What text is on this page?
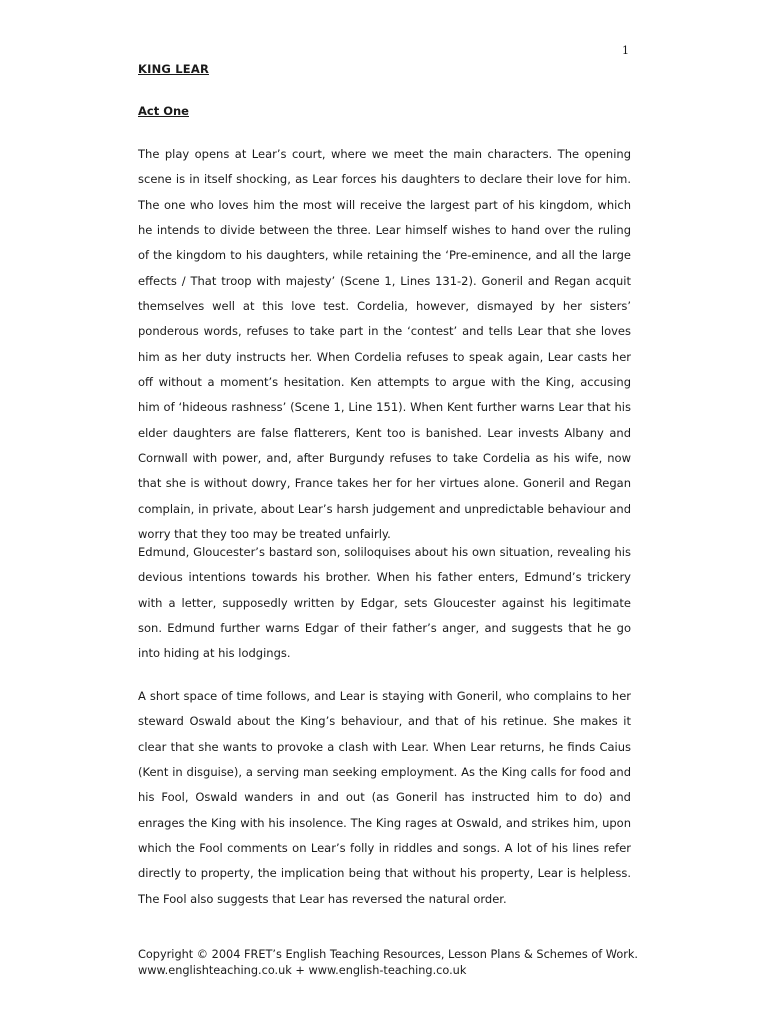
1
KING LEAR
Act One

The play opens at Lear’s court, where we meet the main characters. The opening scene is in itself shocking, as Lear forces his daughters to declare their love for him. The one who loves him the most will receive the largest part of his kingdom, which he intends to divide between the three. Lear himself wishes to hand over the ruling of the kingdom to his daughters, while retaining the ‘Pre-eminence, and all the large effects / That troop with majesty’ (Scene 1, Lines 131-2). Goneril and Regan acquit themselves well at this love test. Cordelia, however, dismayed by her sisters’ ponderous words, refuses to take part in the ‘contest’ and tells Lear that she loves him as her duty instructs her. When Cordelia refuses to speak again, Lear casts her off without a moment’s hesitation. Ken attempts to argue with the King, accusing him of ‘hideous rashness’ (Scene 1, Line 151). When Kent further warns Lear that his elder daughters are false flatterers, Kent too is banished. Lear invests Albany and Cornwall with power, and, after Burgundy refuses to take Cordelia as his wife, now that she is without dowry, France takes her for her virtues alone. Goneril and Regan complain, in private, about Lear’s harsh judgement and unpredictable behaviour and worry that they too may be treated unfairly.

Edmund, Gloucester’s bastard son, soliloquises about his own situation, revealing his devious intentions towards his brother. When his father enters, Edmund’s trickery with a letter, supposedly written by Edgar, sets Gloucester against his legitimate son. Edmund further warns Edgar of their father’s anger, and suggests that he go into hiding at his lodgings.

A short space of time follows, and Lear is staying with Goneril, who complains to her steward Oswald about the King’s behaviour, and that of his retinue. She makes it clear that she wants to provoke a clash with Lear. When Lear returns, he finds Caius (Kent in disguise), a serving man seeking employment. As the King calls for food and his Fool, Oswald wanders in and out (as Goneril has instructed him to do) and enrages the King with his insolence. The King rages at Oswald, and strikes him, upon which the Fool comments on Lear’s folly in riddles and songs. A lot of his lines refer directly to property, the implication being that without his property, Lear is helpless. The Fool also suggests that Lear has reversed the natural order.

Copyright © 2004 FRET’s English Teaching Resources, Lesson Plans & Schemes of Work.
www.englishteaching.co.uk + www.english-teaching.co.uk
